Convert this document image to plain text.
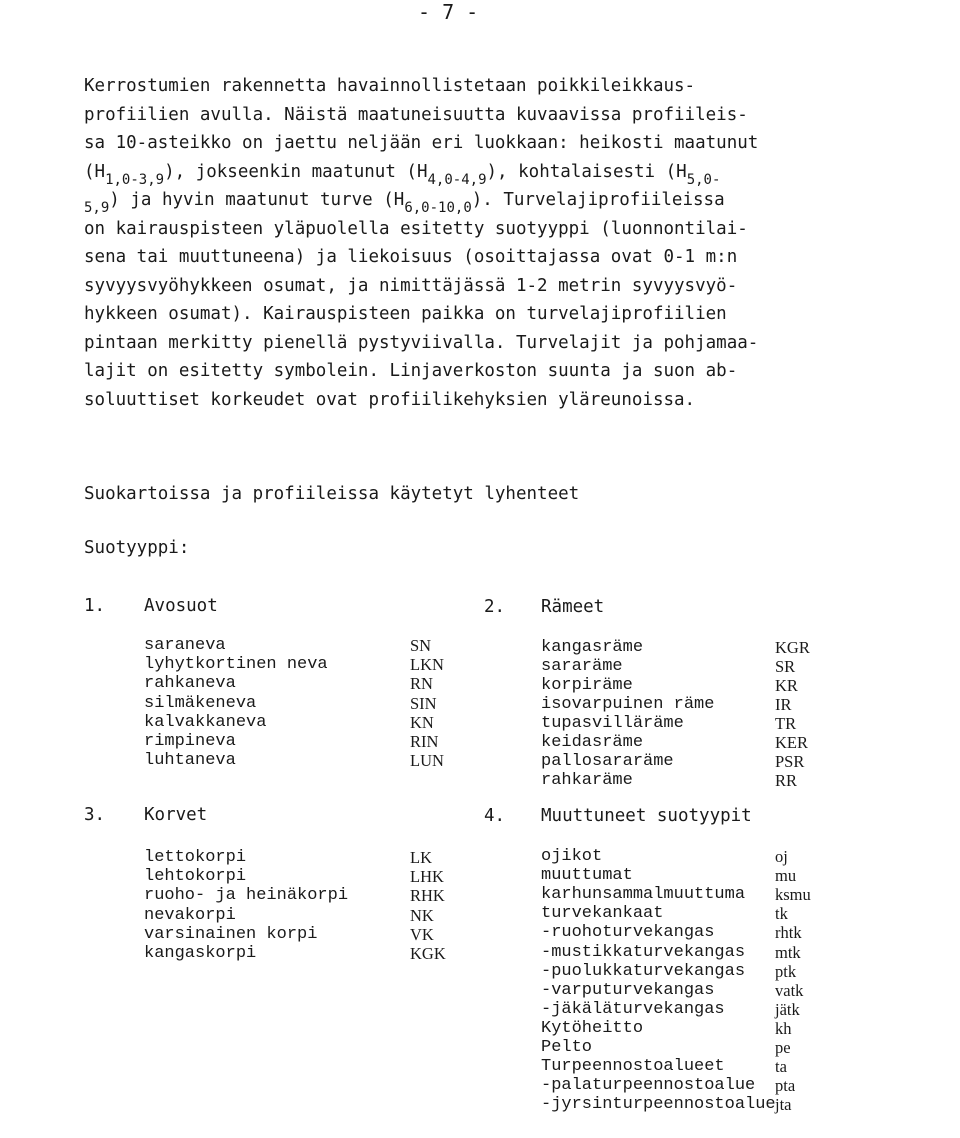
- 7 -
Kerrostumien rakennetta havainnollistetaan poikkileikkaus-
profiilien avulla. Näistä maatuneisuutta kuvaavissa profiileis-
sa 10-asteikko on jaettu neljään eri luokkaan: heikosti maatunut
$(H_{1,0-3,9})$, jokseenkin maatunut $(H_{4,0-4,9})$, kohtalaisesti ($H_{5,0-}$
$_{5,9}$) ja hyvin maatunut turve $(H_{6,0-10,0})$. Turvelajiprofiileissa
on kairauspisteen yläpuolella esitetty suotyyppi (luonnontilai-
sena tai muuttuneena) ja liekoisuus (osoittajassa ovat 0-1 m:n
syvyysvyöhykkeen osumat, ja nimittäjässä 1-2 metrin syvyysvyö-
hykkeen osumat). Kairauspisteen paikka on turvelajiprofiilien
pintaan merkitty pienellä pystyviivalla. Turvelajit ja pohjamaa-
lajit on esitetty symbolein. Linjaverkoston suunta ja suon ab-
soluuttiset korkeudet ovat profiilikehyksien yläreunoissa.
Suokartoissa ja profiileissa käytetyt lyhenteet
Suotyyppi:
1. Avosuot
saraneva	SN
lyhytkortinen neva	LKN
rahkaneva	RN
silmäkeneva	SIN
kalvakkaneva	KN
rimpineva	RIN
luhtaneva	LUN
2. Rämeet
kangasräme	KGR
sararäme	SR
korpiräme	KR
isovarpuinen räme	IR
tupasvilläräme	TR
keidasräme	KER
pallosararäme	PSR
rahkaräme	RR
3. Korvet
lettokorpi	LK
lehtokorpi	LHK
ruoho- ja heinäkorpi	RHK
nevakorpi	NK
varsinainen korpi	VK
kangaskorpi	KGK
4. Muuttuneet suotyypit
ojikot	oj
muuttumat	mu
karhunsammalmuuttuma ksmu
turvekankaat	tk
-ruohoturvekangas	rhtk
-mustikkaturvekangas mtk
-puolukkaturvekangas ptk
-varputurvekangas	vatk
-jäkäläturvekangas	jätk
Kytöheitto	kh
Pelto	pe
Turpeennostoalueet	ta
-palaturpeennostoalue pta
-jyrsinturpeennostoalue jta
